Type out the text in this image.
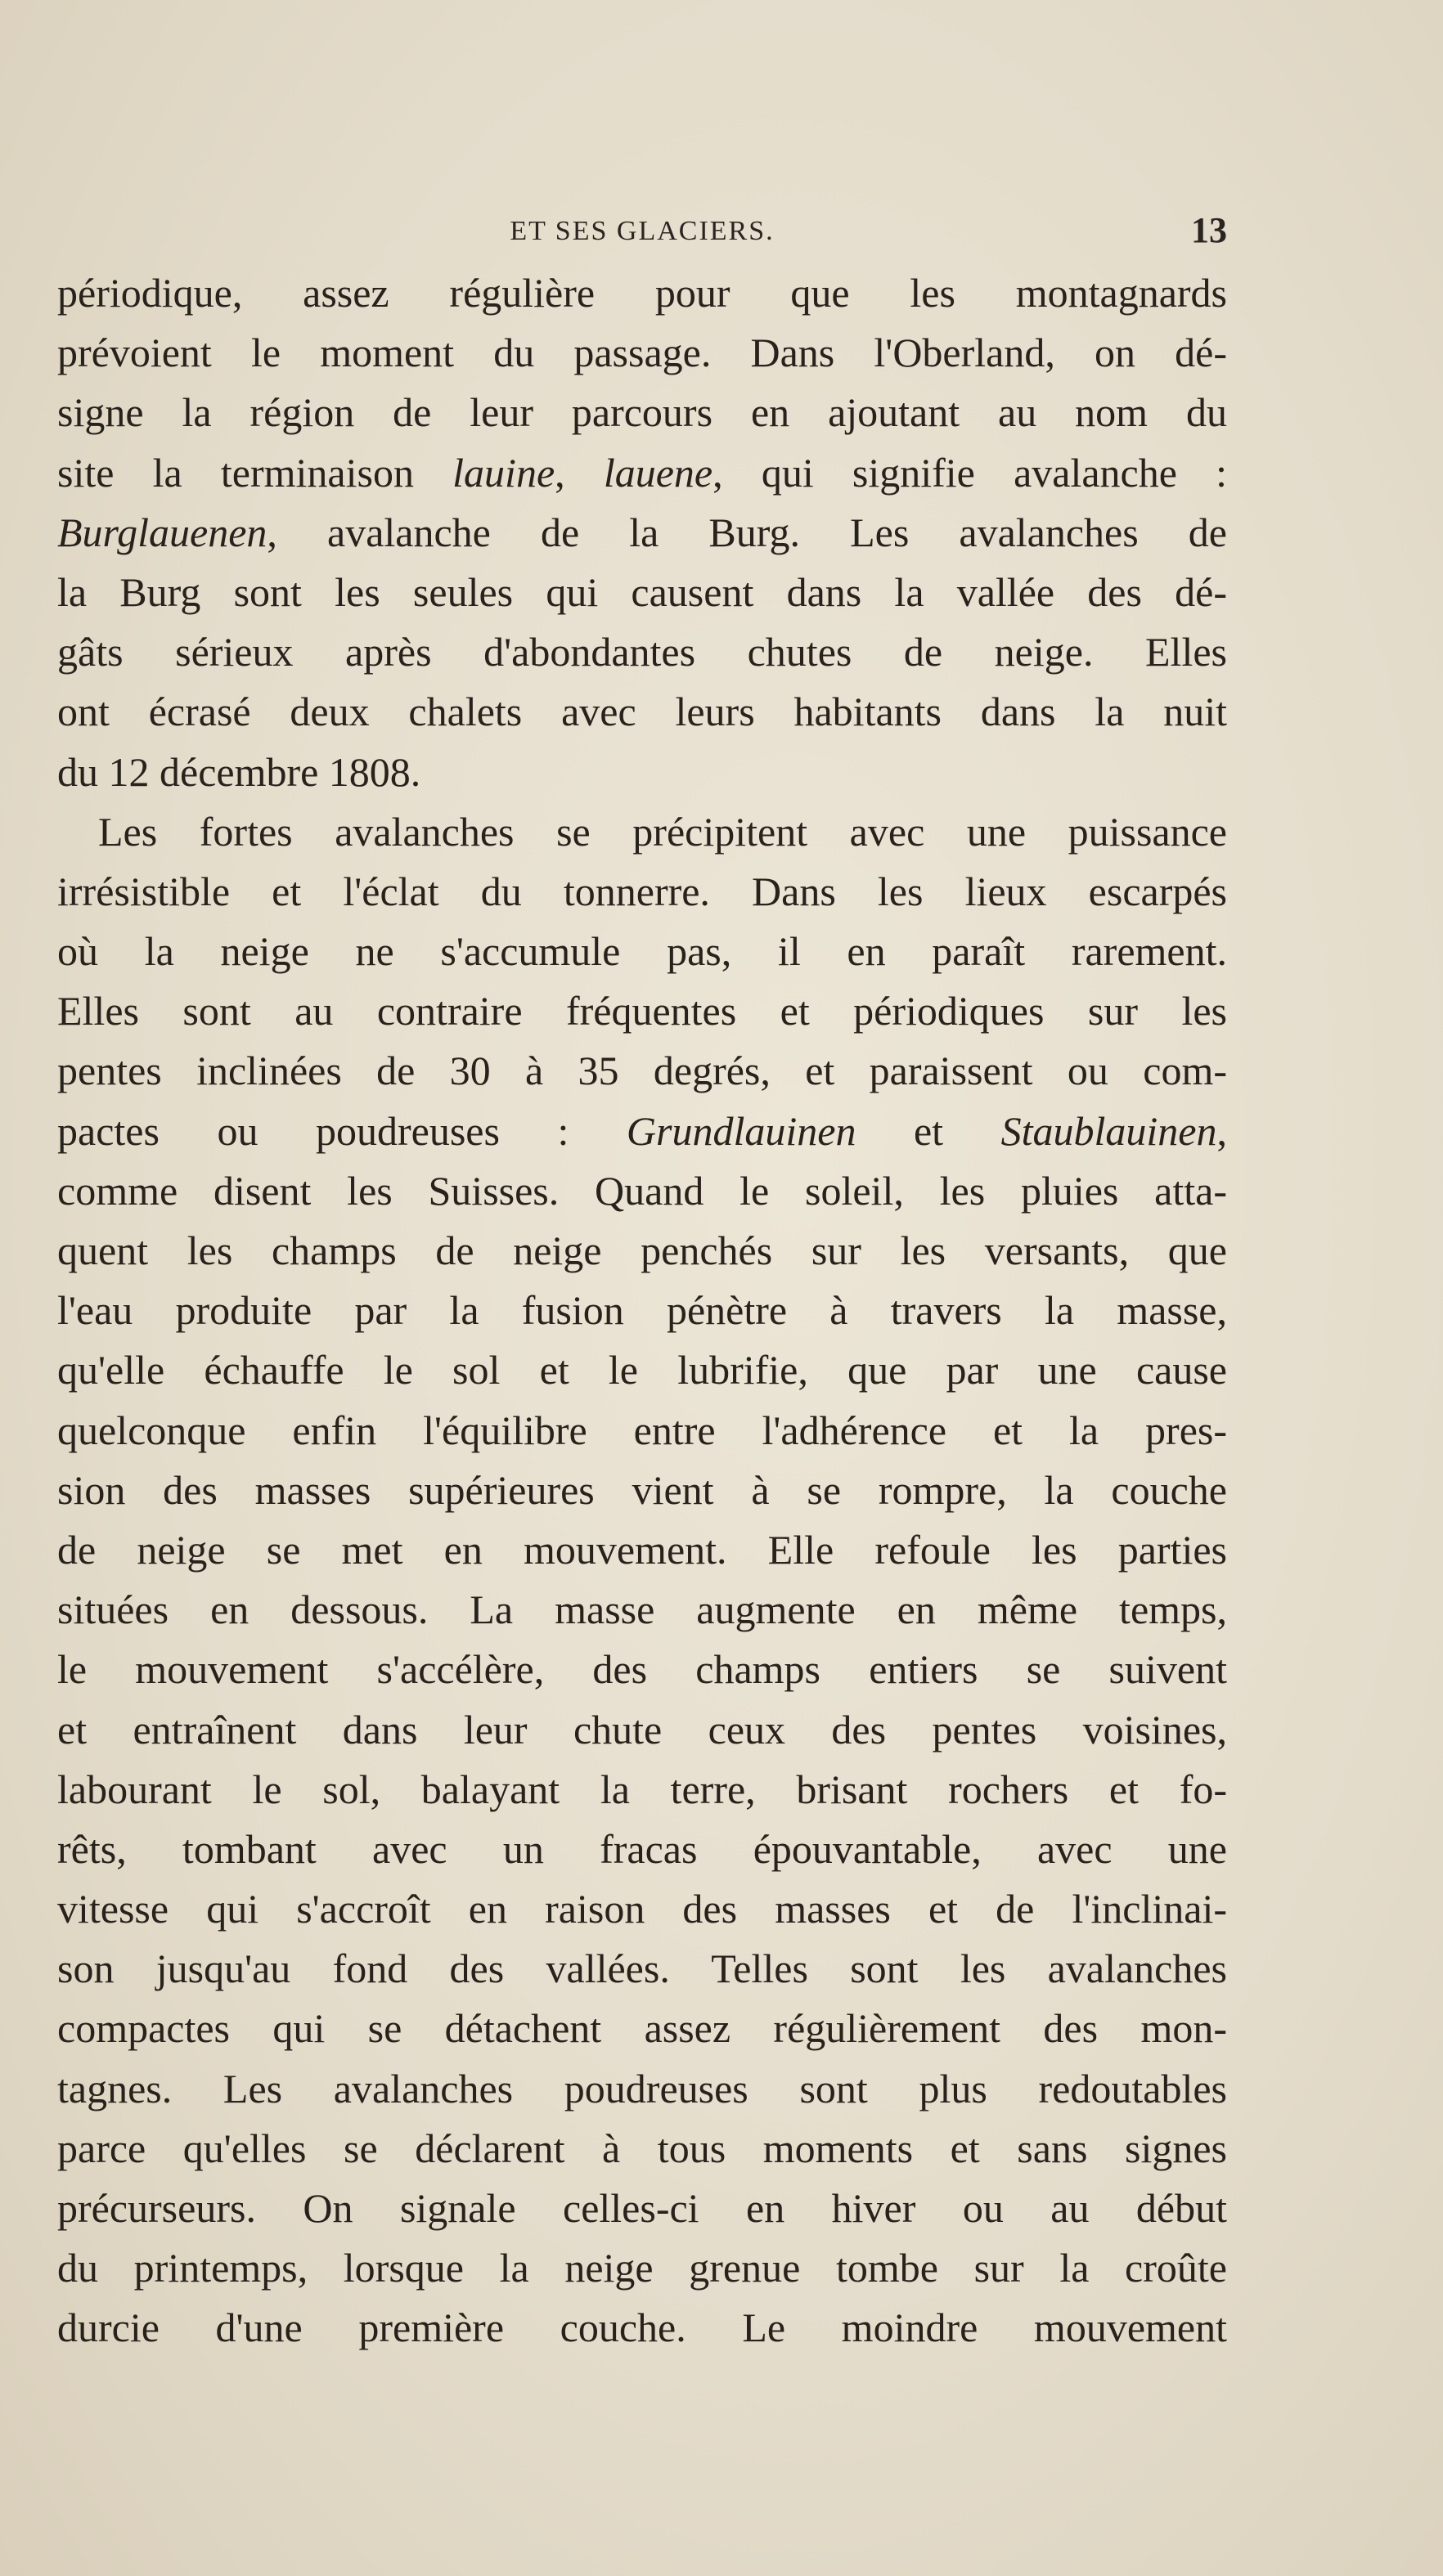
ET SES GLACIERS.	13
périodique, assez régulière pour que les montagnards
prévoient le moment du passage. Dans l'Oberland, on dé-
signe la région de leur parcours en ajoutant au nom du
site la terminaison lauine, lauene, qui signifie avalanche :
Burglauenen, avalanche de la Burg. Les avalanches de
la Burg sont les seules qui causent dans la vallée des dé-
gâts sérieux après d'abondantes chutes de neige. Elles
ont écrasé deux chalets avec leurs habitants dans la nuit
du 12 décembre 1808.
Les fortes avalanches se précipitent avec une puissance
irrésistible et l'éclat du tonnerre. Dans les lieux escarpés
où la neige ne s'accumule pas, il en paraît rarement.
Elles sont au contraire fréquentes et périodiques sur les
pentes inclinées de 30 à 35 degrés, et paraissent ou com-
pactes ou poudreuses : Grundlauinen et Staublauinen,
comme disent les Suisses. Quand le soleil, les pluies atta-
quent les champs de neige penchés sur les versants, que
l'eau produite par la fusion pénètre à travers la masse,
qu'elle échauffe le sol et le lubrifie, que par une cause
quelconque enfin l'équilibre entre l'adhérence et la pres-
sion des masses supérieures vient à se rompre, la couche
de neige se met en mouvement. Elle refoule les parties
situées en dessous. La masse augmente en même temps,
le mouvement s'accélère, des champs entiers se suivent
et entraînent dans leur chute ceux des pentes voisines,
labourant le sol, balayant la terre, brisant rochers et fo-
rêts, tombant avec un fracas épouvantable, avec une
vitesse qui s'accroît en raison des masses et de l'inclinai-
son jusqu'au fond des vallées. Telles sont les avalanches
compactes qui se détachent assez régulièrement des mon-
tagnes. Les avalanches poudreuses sont plus redoutables
parce qu'elles se déclarent à tous moments et sans signes
précurseurs. On signale celles-ci en hiver ou au début
du printemps, lorsque la neige grenue tombe sur la croûte
durcie d'une première couche. Le moindre mouvement
